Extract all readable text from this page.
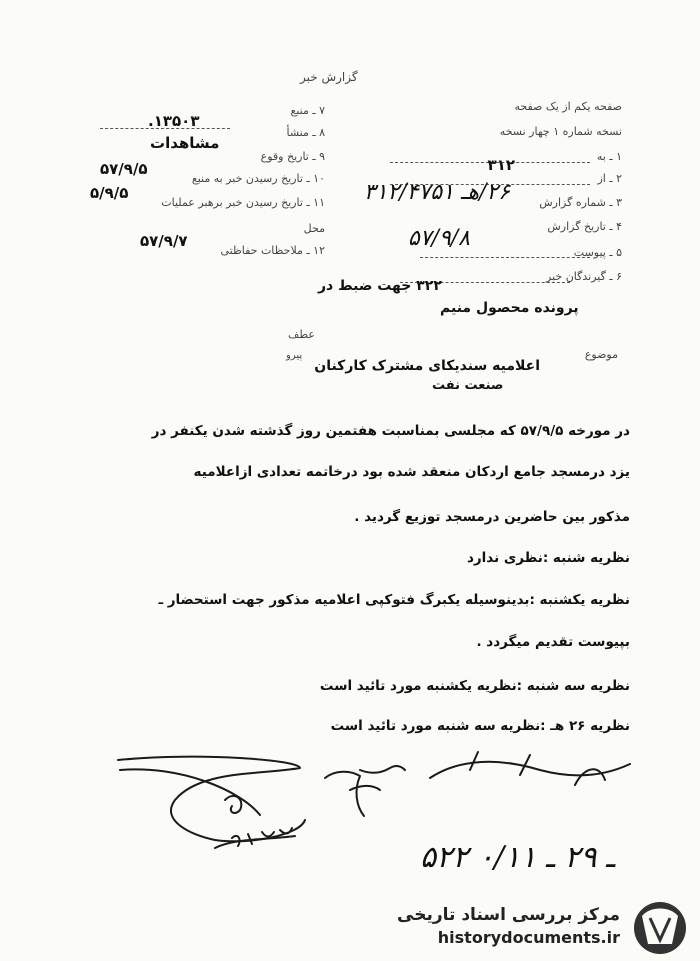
گزارش خبر
صفحه یکم از یک صفحه
نسخه شماره ۱ چهار نسخه
۱ ـ به
۲ ـ از
۳۱۲
۳ ـ شماره گزارش
۲۶/هـ ۳۱۲/۴۷۵۱
۴ ـ تاریخ گزارش
۵۷/۹/۸
۵ ـ پیوست
۶ ـ گیرندگان خبر
۷ ـ منبع
۱۳۵۰۳.
۸ ـ منشأ
مشاهدات
۹ ـ تاریخ وقوع
۵۷/۹/۵
۱۰ ـ تاریخ رسیدن خبر به منبع
۱۱ ـ تاریخ رسیدن خبر برهبر عملیات
۵/۹/۵
محل
۱۲ ـ ملاحظات حفاظتی
۵۷/۹/۷
۳۲۲ جهت ضبط در
پرونده محصول منیم
موضوع
عطف
پیرو
اعلامیه سندیکای مشترک کارکنان
صنعت نفت
در مورخه ۵۷/۹/۵ که مجلسی بمناسبت هفتمین روز گذشته شدن یکنفر در
یزد درمسجد جامع اردکان منعقد شده بود درخاتمه تعدادی ازاعلامیه
مذکور بین حاضرین درمسجد توزیع گردید .
نظریه شنبه :نظری ندارد
نظریه یکشنبه :بدینوسیله یکبرگ فتوکپی اعلامیه مذکور جهت استحضار ـ
بپیوست تقدیم میگردد .
نظریه سه شنبه :نظریه یکشنبه مورد تائید است
نظریه ۲۶ هـ :نظریه سه شنبه مورد تائید است
۵۲۲ ـ ۲۹ ـ ۰/۱۱
مرکز بررسی اسناد تاریخی
historydocuments.ir
